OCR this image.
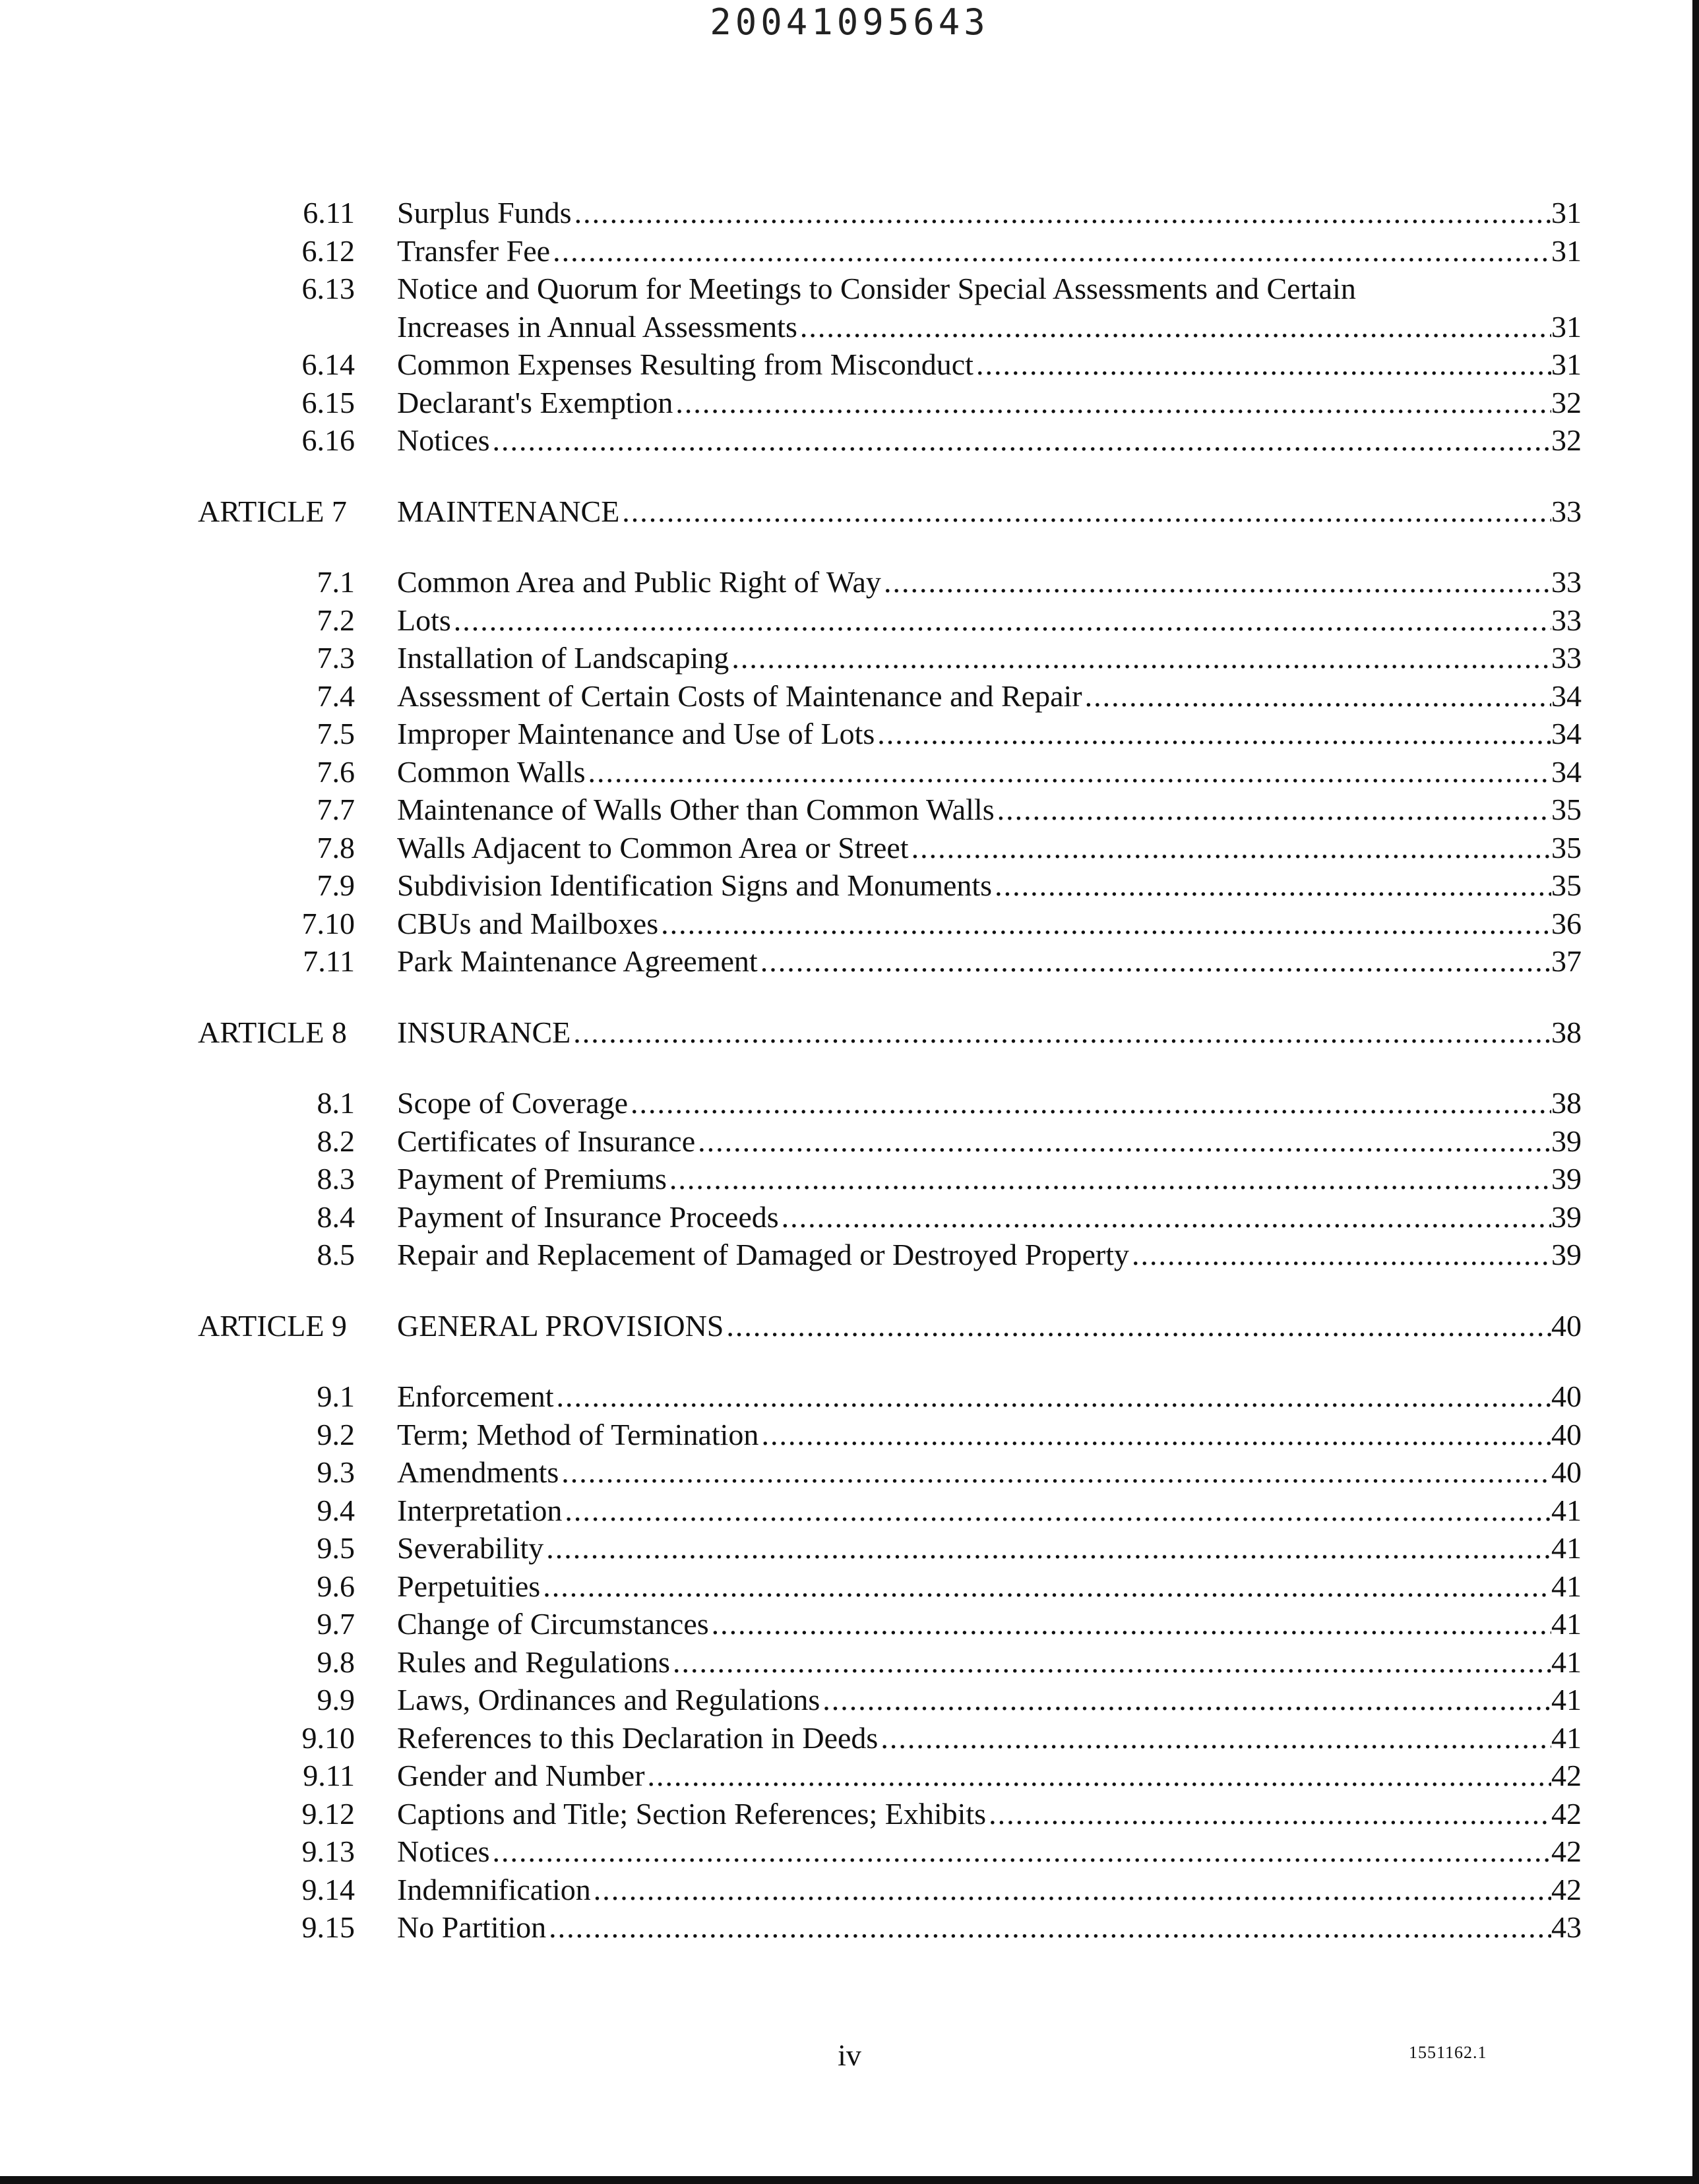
20041095643
6.11 Surplus Funds .....	31
6.12 Transfer Fee .....	31
6.13 Notice and Quorum for Meetings to Consider Special Assessments and Certain
Increases in Annual Assessments .....	31
6.14 Common Expenses Resulting from Misconduct .....	31
6.15 Declarant's Exemption .....	32
6.16 Notices .....	32
ARTICLE 7 MAINTENANCE .....	33
7.1 Common Area and Public Right of Way .....	33
7.2 Lots .....	33
7.3 Installation of Landscaping .....	33
7.4 Assessment of Certain Costs of Maintenance and Repair .....	34
7.5 Improper Maintenance and Use of Lots .....	34
7.6 Common Walls .....	34
7.7 Maintenance of Walls Other than Common Walls .....	35
7.8 Walls Adjacent to Common Area or Street .....	35
7.9 Subdivision Identification Signs and Monuments .....	35
7.10 CBUs and Mailboxes .....	36
7.11 Park Maintenance Agreement .....	37
ARTICLE 8 INSURANCE .....	38
8.1 Scope of Coverage .....	38
8.2 Certificates of Insurance .....	39
8.3 Payment of Premiums .....	39
8.4 Payment of Insurance Proceeds .....	39
8.5 Repair and Replacement of Damaged or Destroyed Property .....	39
ARTICLE 9 GENERAL PROVISIONS .....	40
9.1 Enforcement .....	40
9.2 Term; Method of Termination .....	40
9.3 Amendments .....	40
9.4 Interpretation .....	41
9.5 Severability .....	41
9.6 Perpetuities .....	41
9.7 Change of Circumstances .....	41
9.8 Rules and Regulations .....	41
9.9 Laws, Ordinances and Regulations .....	41
9.10 References to this Declaration in Deeds .....	41
9.11 Gender and Number .....	42
9.12 Captions and Title; Section References; Exhibits .....	42
9.13 Notices .....	42
9.14 Indemnification .....	42
9.15 No Partition .....	43
iv	1551162.1
